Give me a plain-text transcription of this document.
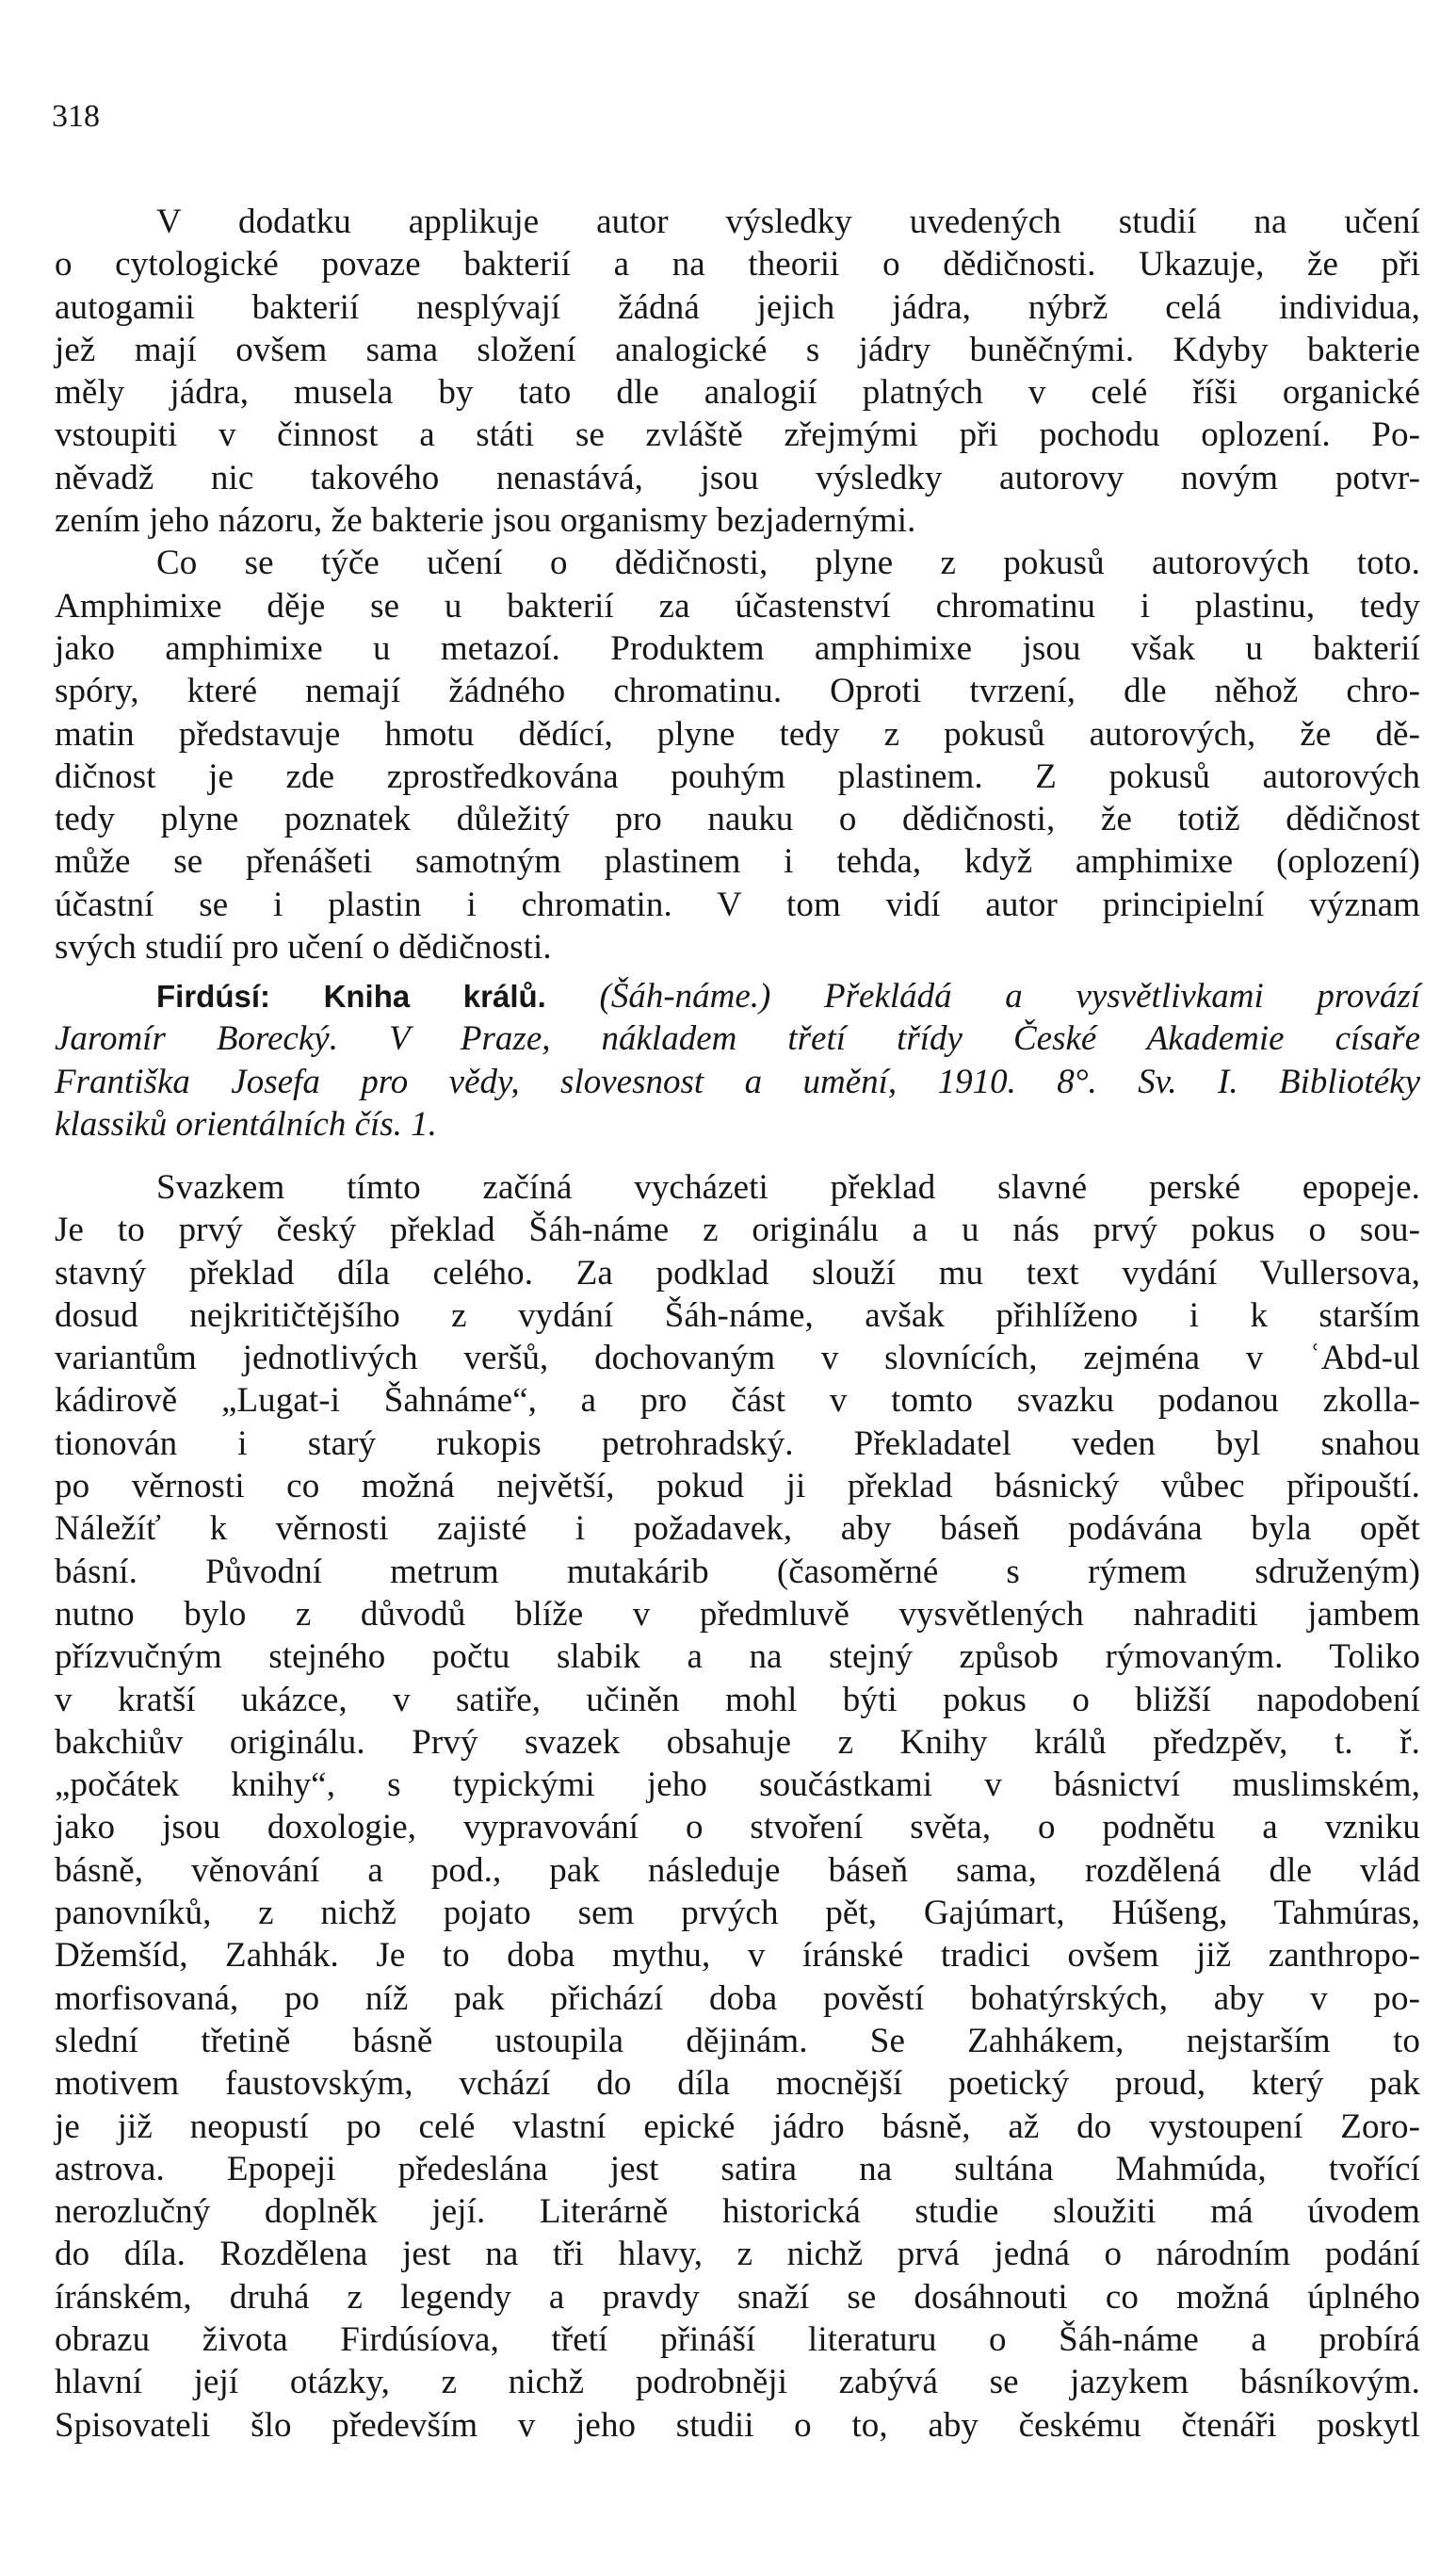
318
V dodatku applikuje autor výsledky uvedených studií na učení
o cytologické povaze bakterií a na theorii o dědičnosti. Ukazuje, že při
autogamii bakterií nesplývají žádná jejich jádra, nýbrž celá individua,
jež mají ovšem sama složení analogické s jádry buněčnými. Kdyby bakterie
měly jádra, musela by tato dle analogií platných v celé říši organické
vstoupiti v činnost a státi se zvláště zřejmými při pochodu oplození. Po-
něvadž nic takového nenastává, jsou výsledky autorovy novým potvr-
zením jeho názoru, že bakterie jsou organismy bezjadernými.
Co se týče učení o dědičnosti, plyne z pokusů autorových toto.
Amphimixe děje se u bakterií za účastenství chromatinu i plastinu, tedy
jako amphimixe u metazoí. Produktem amphimixe jsou však u bakterií
spóry, které nemají žádného chromatinu. Oproti tvrzení, dle něhož chro-
matin představuje hmotu dědící, plyne tedy z pokusů autorových, že dě-
dičnost je zde zprostředkována pouhým plastinem. Z pokusů autorových
tedy plyne poznatek důležitý pro nauku o dědičnosti, že totiž dědičnost
může se přenášeti samotným plastinem i tehda, když amphimixe (oplození)
účastní se i plastin i chromatin. V tom vidí autor principielní význam
svých studií pro učení o dědičnosti.
Firdúsí: Kniha králů. (Šáh-náme.) Překládá a vysvětlivkami provází
Jaromír Borecký. V Praze, nákladem třetí třídy České Akademie císaře
Františka Josefa pro vědy, slovesnost a umění, 1910. 8°. Sv. I. Bibliotéky
klassiků orientálních čís. 1.
Svazkem tímto začíná vycházeti překlad slavné perské epopeje.
Je to prvý český překlad Šáh-náme z originálu a u nás prvý pokus o sou-
stavný překlad díla celého. Za podklad slouží mu text vydání Vullersova,
dosud nejkritičtějšího z vydání Šáh-náme, avšak přihlíženo i k starším
variantům jednotlivých veršů, dochovaným v slovnících, zejména v ʿAbd-ul
kádirově „Lugat-i Šahnáme“, a pro část v tomto svazku podanou zkolla-
tionován i starý rukopis petrohradský. Překladatel veden byl snahou
po věrnosti co možná největší, pokud ji překlad básnický vůbec připouští.
Náležíť k věrnosti zajisté i požadavek, aby báseň podávána byla opět
básní. Původní metrum mutakárib (časoměrné s rýmem sdruženým)
nutno bylo z důvodů blíže v předmluvě vysvětlených nahraditi jambem
přízvučným stejného počtu slabik a na stejný způsob rýmovaným. Toliko
v kratší ukázce, v satiře, učiněn mohl býti pokus o bližší napodobení
bakchiův originálu. Prvý svazek obsahuje z Knihy králů předzpěv, t. ř.
„počátek knihy“, s typickými jeho součástkami v básnictví muslimském,
jako jsou doxologie, vypravování o stvoření světa, o podnětu a vzniku
básně, věnování a pod., pak následuje báseň sama, rozdělená dle vlád
panovníků, z nichž pojato sem prvých pět, Gajúmart, Húšeng, Tahmúras,
Džemšíd, Zahhák. Je to doba mythu, v íránské tradici ovšem již zanthropo-
morfisovaná, po níž pak přichází doba pověstí bohatýrských, aby v po-
slední třetině básně ustoupila dějinám. Se Zahhákem, nejstarším to
motivem faustovským, vchází do díla mocnější poetický proud, který pak
je již neopustí po celé vlastní epické jádro básně, až do vystoupení Zoro-
astrova. Epopeji předeslána jest satira na sultána Mahmúda, tvořící
nerozlučný doplněk její. Literárně historická studie sloužiti má úvodem
do díla. Rozdělena jest na tři hlavy, z nichž prvá jedná o národním podání
íránském, druhá z legendy a pravdy snaží se dosáhnouti co možná úplného
obrazu života Firdúsíova, třetí přináší literaturu o Šáh-náme a probírá
hlavní její otázky, z nichž podrobněji zabývá se jazykem básníkovým.
Spisovateli šlo především v jeho studii o to, aby českému čtenáři poskytl
